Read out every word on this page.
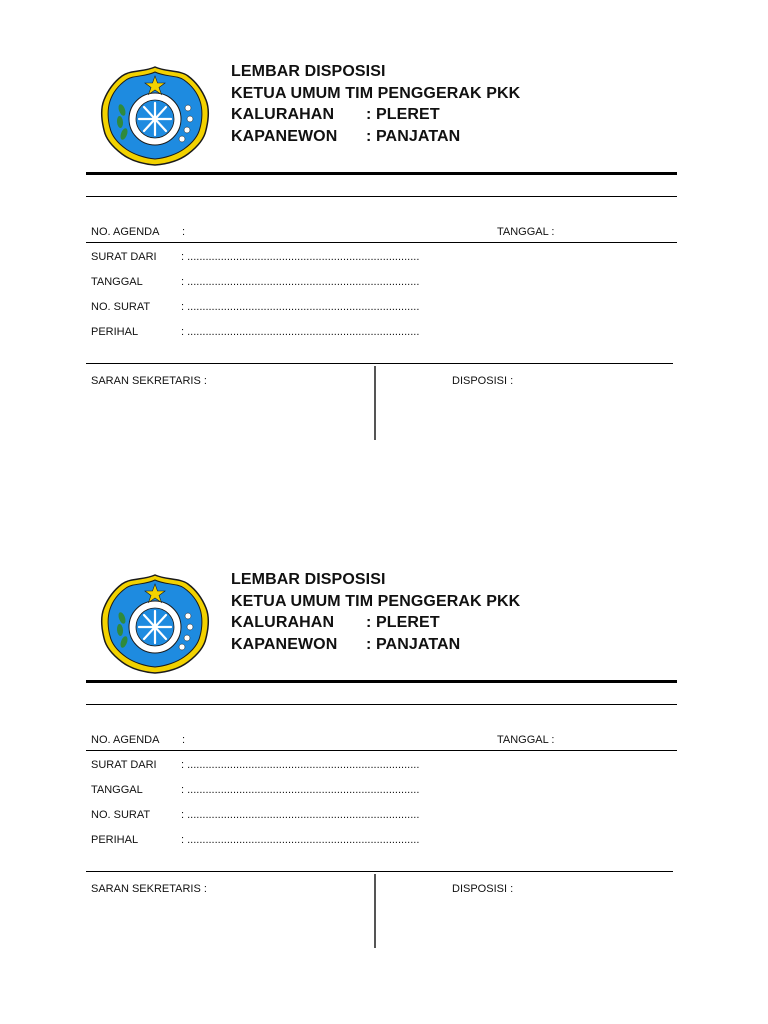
LEMBAR DISPOSISI
KETUA UMUM TIM PENGGERAK PKK
KALURAHAN : PLERET
KAPANEWON : PANJATAN
NO. AGENDA :	TANGGAL :
SURAT DARI : ............................................................................
TANGGAL	: ............................................................................
NO. SURAT	: ............................................................................
PERIHAL	: ............................................................................
SARAN SEKRETARIS :	DISPOSISI :
LEMBAR DISPOSISI
KETUA UMUM TIM PENGGERAK PKK
KALURAHAN : PLERET
KAPANEWON : PANJATAN
NO. AGENDA :	TANGGAL :
SURAT DARI : ............................................................................
TANGGAL	: ............................................................................
NO. SURAT	: ............................................................................
PERIHAL	: ............................................................................
SARAN SEKRETARIS :	DISPOSISI :
